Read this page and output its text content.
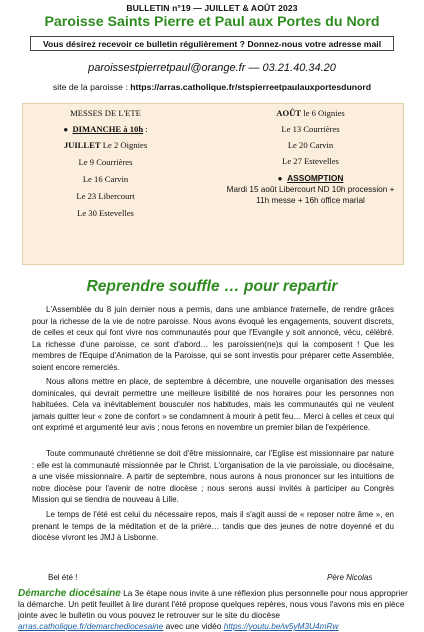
BULLETIN n°19 — JUILLET & AOÛT 2023
Paroisse Saints Pierre et Paul aux Portes du Nord
Vous désirez recevoir ce bulletin régulièrement ? Donnez-nous votre adresse mail
paroissestpierretpaul@orange.fr — 03.21.40.34.20
site de la paroisse : https://arras.catholique.fr/stspierreetpaulauxportesdunord
MESSES DE L'ETE
● DIMANCHE à 10h :
JUILLET Le 2 Oignies
Le 9 Courrières
Le 16 Carvin
Le 23 Libercourt
Le 30 Estevelles
AOÛT le 6 Oignies
Le 13 Courrières
Le 20 Carvin
Le 27 Estevelles
● ASSOMPTION
Mardi 15 août Libercourt ND 10h procession +
11h messe + 16h office marial
Reprendre souffle … pour repartir

L'Assemblée du 8 juin dernier nous a permis, dans une ambiance fraternelle, de rendre grâces pour la richesse de la vie de notre paroisse. Nous avons évoqué les engagements, souvent discrets, de celles et ceux qui font vivre nos communautés pour que l'Evangile y soit annoncé, vécu, célébré. La richesse d'une paroisse, ce sont d'abord… les paroissien(ne)s qui la composent ! Que les membres de l'Equipe d'Animation de la Paroisse, qui se sont investis pour préparer cette Assemblée, soient encore remerciés.

Nous allons mettre en place, de septembre à décembre, une nouvelle organisation des messes dominicales, qui devrait permettre une meilleure lisibilité de nos horaires pour les personnes non habituées. Cela va inévitablement bousculer nos habitudes, mais les communautés qui ne veulent jamais quitter leur « zone de confort » se condamnent à mourir à petit feu… Merci à celles et ceux qui ont exprimé et argumenté leur avis ; nous ferons en novembre un premier bilan de l'expérience.

Toute communauté chrétienne se doit d'être missionnaire, car l'Eglise est missionnaire par nature : elle est la communauté missionnée par le Christ. L'organisation de la vie paroissiale, ou diocésaine, a une visée missionnaire. A partir de septembre, nous aurons à nous prononcer sur les intuitions de notre diocèse pour l'avenir de notre diocèse ; nous serons aussi invités à participer au Congrès Mission qui se tiendra de nouveau à Lille.

Le temps de l'été est celui du nécessaire repos, mais il s'agit aussi de « reposer notre âme », en prenant le temps de la méditation et de la prière… tandis que des jeunes de notre doyenné et du diocèse vivront les JMJ à Lisbonne.

Bel été !	Père Nicolas
Démarche diocésaine La 3e étape nous invite à une réflexion plus personnelle pour nous approprier la démarche. Un petit feuillet à lire durant l'été propose quelques repères, nous vous l'avons mis en pièce jointe avec le bulletin ou vous pouvez le retrouver sur le site du diocèse arras.catholique.fr/demarchediocesaine avec une vidéo https://youtu.be/w5yM3U4mRw
